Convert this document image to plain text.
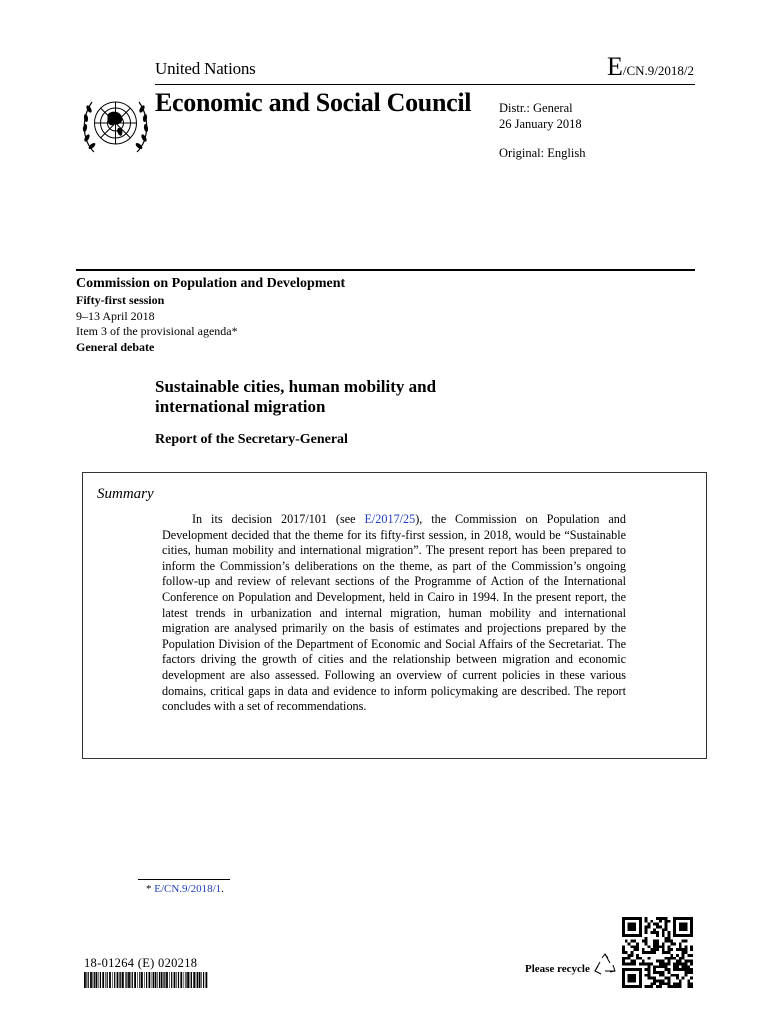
United Nations	E/CN.9/2018/2
Economic and Social Council Distr.: General
26 January 2018
Original: English
Commission on Population and Development
Fifty-first session
9–13 April 2018
Item 3 of the provisional agenda*
General debate
Sustainable cities, human mobility and
international migration
Report of the Secretary-General
Summary
In its decision 2017/101 (see E/2017/25), the Commission on Population and Development decided that the theme for its fifty-first session, in 2018, would be “Sustainable cities, human mobility and international migration”. The present report has been prepared to inform the Commission’s deliberations on the theme, as part of the Commission’s ongoing follow-up and review of relevant sections of the Programme of Action of the International Conference on Population and Development, held in Cairo in 1994. In the present report, the latest trends in urbanization and internal migration, human mobility and international migration are analysed primarily on the basis of estimates and projections prepared by the Population Division of the Department of Economic and Social Affairs of the Secretariat. The factors driving the growth of cities and the relationship between migration and economic development are also assessed. Following an overview of current policies in these various domains, critical gaps in data and evidence to inform policymaking are described. The report concludes with a set of recommendations.
* E/CN.9/2018/1.
18-01264 (E) 020218	Please recycle
